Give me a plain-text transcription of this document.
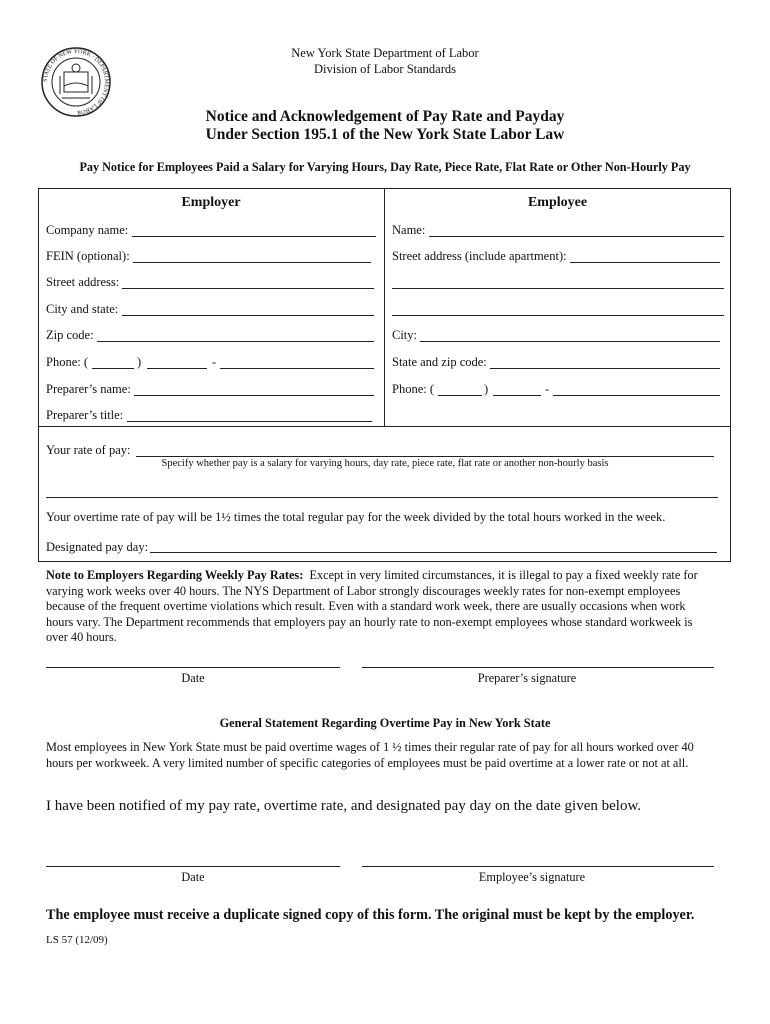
STATE OF NEW YORK · DEPARTMENT OF LABOR
New York State Department of Labor
Division of Labor Standards
Notice and Acknowledgement of Pay Rate and Payday
Under Section 195.1 of the New York State Labor Law
Pay Notice for Employees Paid a Salary for Varying Hours, Day Rate, Piece Rate, Flat Rate or Other Non-Hourly Pay
Employer
Company name:
FEIN (optional):
Street address:
City and state:
Zip code:
Phone: (	)	-
Preparer’s name:
Preparer’s title:
Employee
Name:
Street address (include apartment):
City:
State and zip code:
Phone: (	)	-
Your rate of pay:
Specify whether pay is a salary for varying hours, day rate, piece rate, flat rate or another non-hourly basis
Your overtime rate of pay will be 1½ times the total regular pay for the week divided by the total hours worked in the week.
Designated pay day:
Note to Employers Regarding Weekly Pay Rates:  Except in very limited circumstances, it is illegal to pay a fixed weekly rate for
varying work weeks over 40 hours. The NYS Department of Labor strongly discourages weekly rates for non-exempt employees
because of the frequent overtime violations which result. Even with a standard work week, there are usually occasions when work
hours vary. The Department recommends that employers pay an hourly rate to non-exempt employees whose standard workweek is
over 40 hours.
Date	Preparer’s signature
General Statement Regarding Overtime Pay in New York State
Most employees in New York State must be paid overtime wages of 1 ½ times their regular rate of pay for all hours worked over 40
hours per workweek. A very limited number of specific categories of employees must be paid overtime at a lower rate or not at all.
I have been notified of my pay rate, overtime rate, and designated pay day on the date given below.
Date	Employee’s signature
The employee must receive a duplicate signed copy of this form. The original must be kept by the employer.
LS 57 (12/09)
